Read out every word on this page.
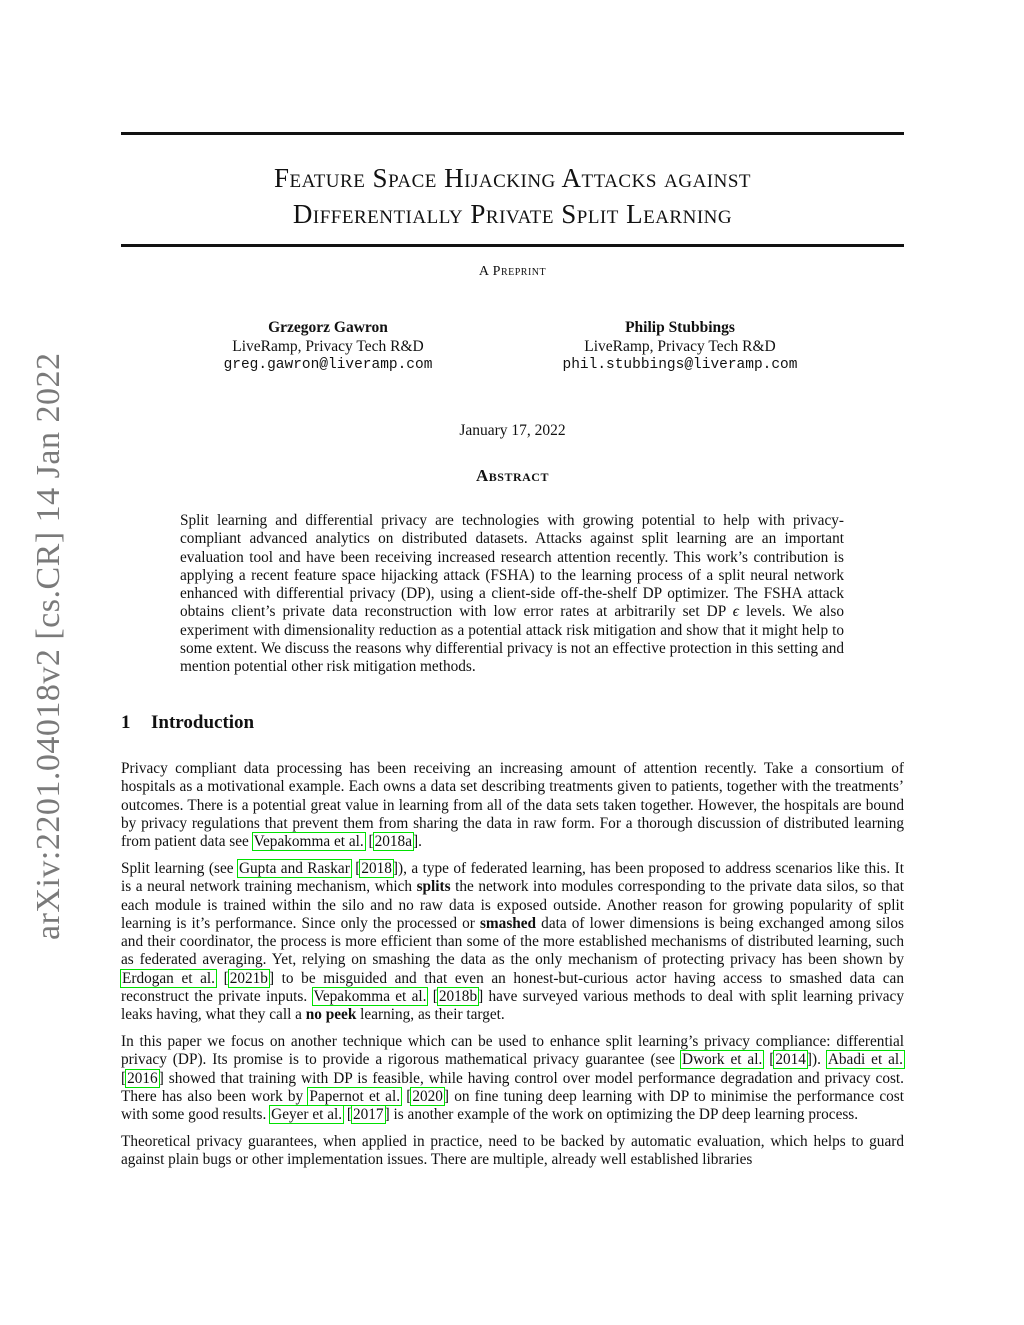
Feature Space Hijacking Attacks against
Differentially Private Split Learning
A Preprint
Grzegorz Gawron
LiveRamp, Privacy Tech R&D
greg.gawron@liveramp.com
Philip Stubbings
LiveRamp, Privacy Tech R&D
phil.stubbings@liveramp.com
January 17, 2022
Abstract
Split learning and differential privacy are technologies with growing potential to help with privacy-compliant advanced analytics on distributed datasets. Attacks against split learning are an important evaluation tool and have been receiving increased research attention recently. This work’s contribution is applying a recent feature space hijacking attack (FSHA) to the learning process of a split neural network enhanced with differential privacy (DP), using a client-side off-the-shelf DP optimizer. The FSHA attack obtains client’s private data reconstruction with low error rates at arbitrarily set DP ϵ levels. We also experiment with dimensionality reduction as a potential attack risk mitigation and show that it might help to some extent. We discuss the reasons why differential privacy is not an effective protection in this setting and mention potential other risk mitigation methods.
1 Introduction

Privacy compliant data processing has been receiving an increasing amount of attention recently. Take a consortium of hospitals as a motivational example. Each owns a data set describing treatments given to patients, together with the treatments’ outcomes. There is a potential great value in learning from all of the data sets taken together. However, the hospitals are bound by privacy regulations that prevent them from sharing the data in raw form. For a thorough discussion of distributed learning from patient data see Vepakomma et al. [2018a].

Split learning (see Gupta and Raskar [2018]), a type of federated learning, has been proposed to address scenarios like this. It is a neural network training mechanism, which splits the network into modules corresponding to the private data silos, so that each module is trained within the silo and no raw data is exposed outside. Another reason for growing popularity of split learning is it’s performance. Since only the processed or smashed data of lower dimensions is being exchanged among silos and their coordinator, the process is more efficient than some of the more established mechanisms of distributed learning, such as federated averaging. Yet, relying on smashing the data as the only mechanism of protecting privacy has been shown by Erdogan et al. [2021b] to be misguided and that even an honest-but-curious actor having access to smashed data can reconstruct the private inputs. Vepakomma et al. [2018b] have surveyed various methods to deal with split learning privacy leaks having, what they call a no peek learning, as their target.

In this paper we focus on another technique which can be used to enhance split learning’s privacy compliance: differential privacy (DP). Its promise is to provide a rigorous mathematical privacy guarantee (see Dwork et al. [2014]). Abadi et al. [2016] showed that training with DP is feasible, while having control over model performance degradation and privacy cost. There has also been work by Papernot et al. [2020] on fine tuning deep learning with DP to minimise the performance cost with some good results. Geyer et al. [2017] is another example of the work on optimizing the DP deep learning process.

Theoretical privacy guarantees, when applied in practice, need to be backed by automatic evaluation, which helps to guard against plain bugs or other implementation issues. There are multiple, already well established libraries

arXiv:2201.04018v2 [cs.CR] 14 Jan 2022
